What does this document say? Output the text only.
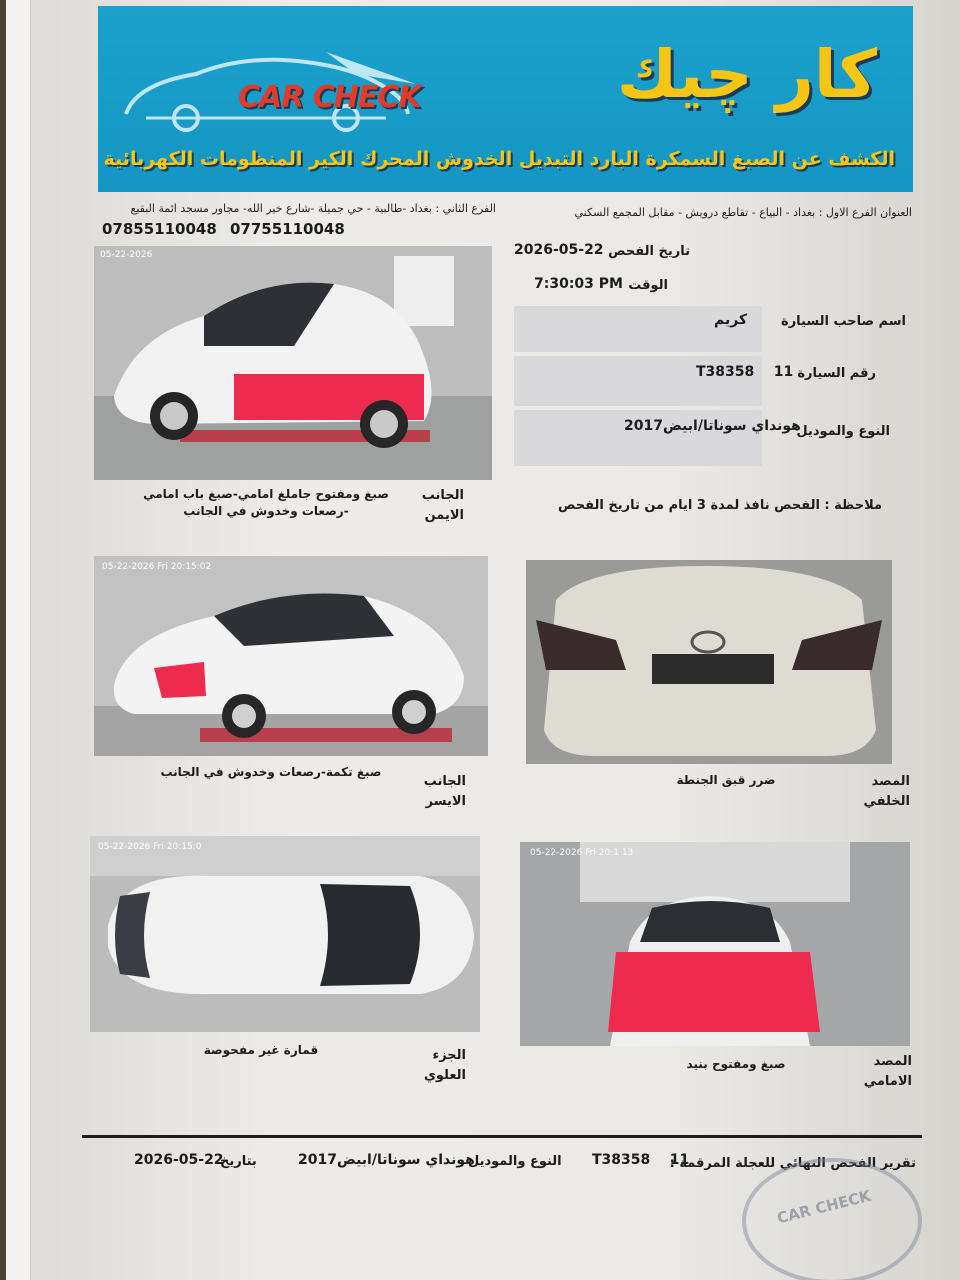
CAR CHECK	كار چيك
الكشف عن الصبغ السمكرة البارد التبديل الخدوش المحرك الكير المنظومات الكهربائية
العنوان الفرع الاول : بغداد - البياع - تقاطع درويش - مقابل المجمع السكني
الفرع الثاني : بغداد -طالبية - حي جميلة -شارع خير الله- مجاور مسجد ائمة البقيع
07755110048
07855110048
تاريخ الفحص
2026-05-22
الوقت
7:30:03 PM
كريم	اسم صاحب السيارة
T38358    11 رقم السيارة
هونداي سوناتا/ابيض2017
النوع والموديل
ملاحظة : الفحص نافذ لمدة 3 ايام من تاريخ الفحص
05-22-2026
صبغ ومفتوح جاملغ امامي-صبغ باب امامي -رصعات وخدوش في الجانب
الجانب الايمن
05-22-2026 Fri 20:15:02
صبغ تكمة-رصعات وخدوش في الجانب
الجانب الايسر
ضرر قبق الجنطة	المصد الخلفي
05-22-2026 Fri 20:15:0
قمارة غير مفحوصة	الجزء العلوي
05-22-2026 Fri 20:1 13
صبغ ومفتوح بنيد	المصد الامامي
تقرير الفحص النهائي للعجلة المرقمة :
T38358    11
النوع والموديل
هونداي سوناتا/ابيض2017
بتاريخ
2026-05-22
CAR CHECK
